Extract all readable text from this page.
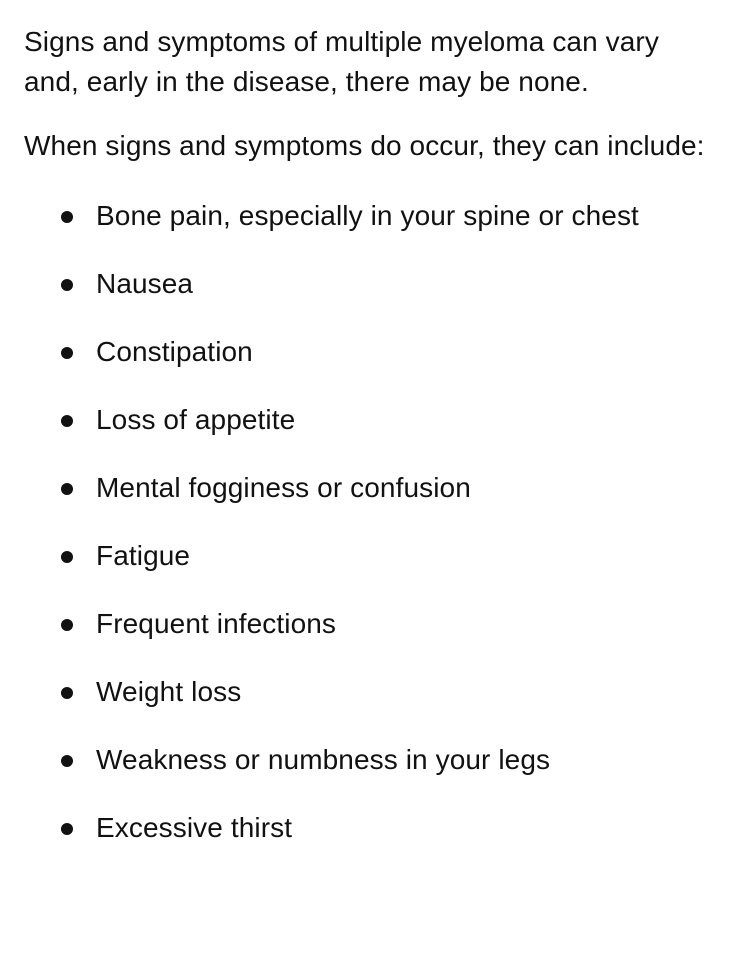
Signs and symptoms of multiple myeloma can vary and, early in the disease, there may be none.

When signs and symptoms do occur, they can include:

Bone pain, especially in your spine or chest
Nausea
Constipation
Loss of appetite
Mental fogginess or confusion
Fatigue
Frequent infections
Weight loss
Weakness or numbness in your legs
Excessive thirst
